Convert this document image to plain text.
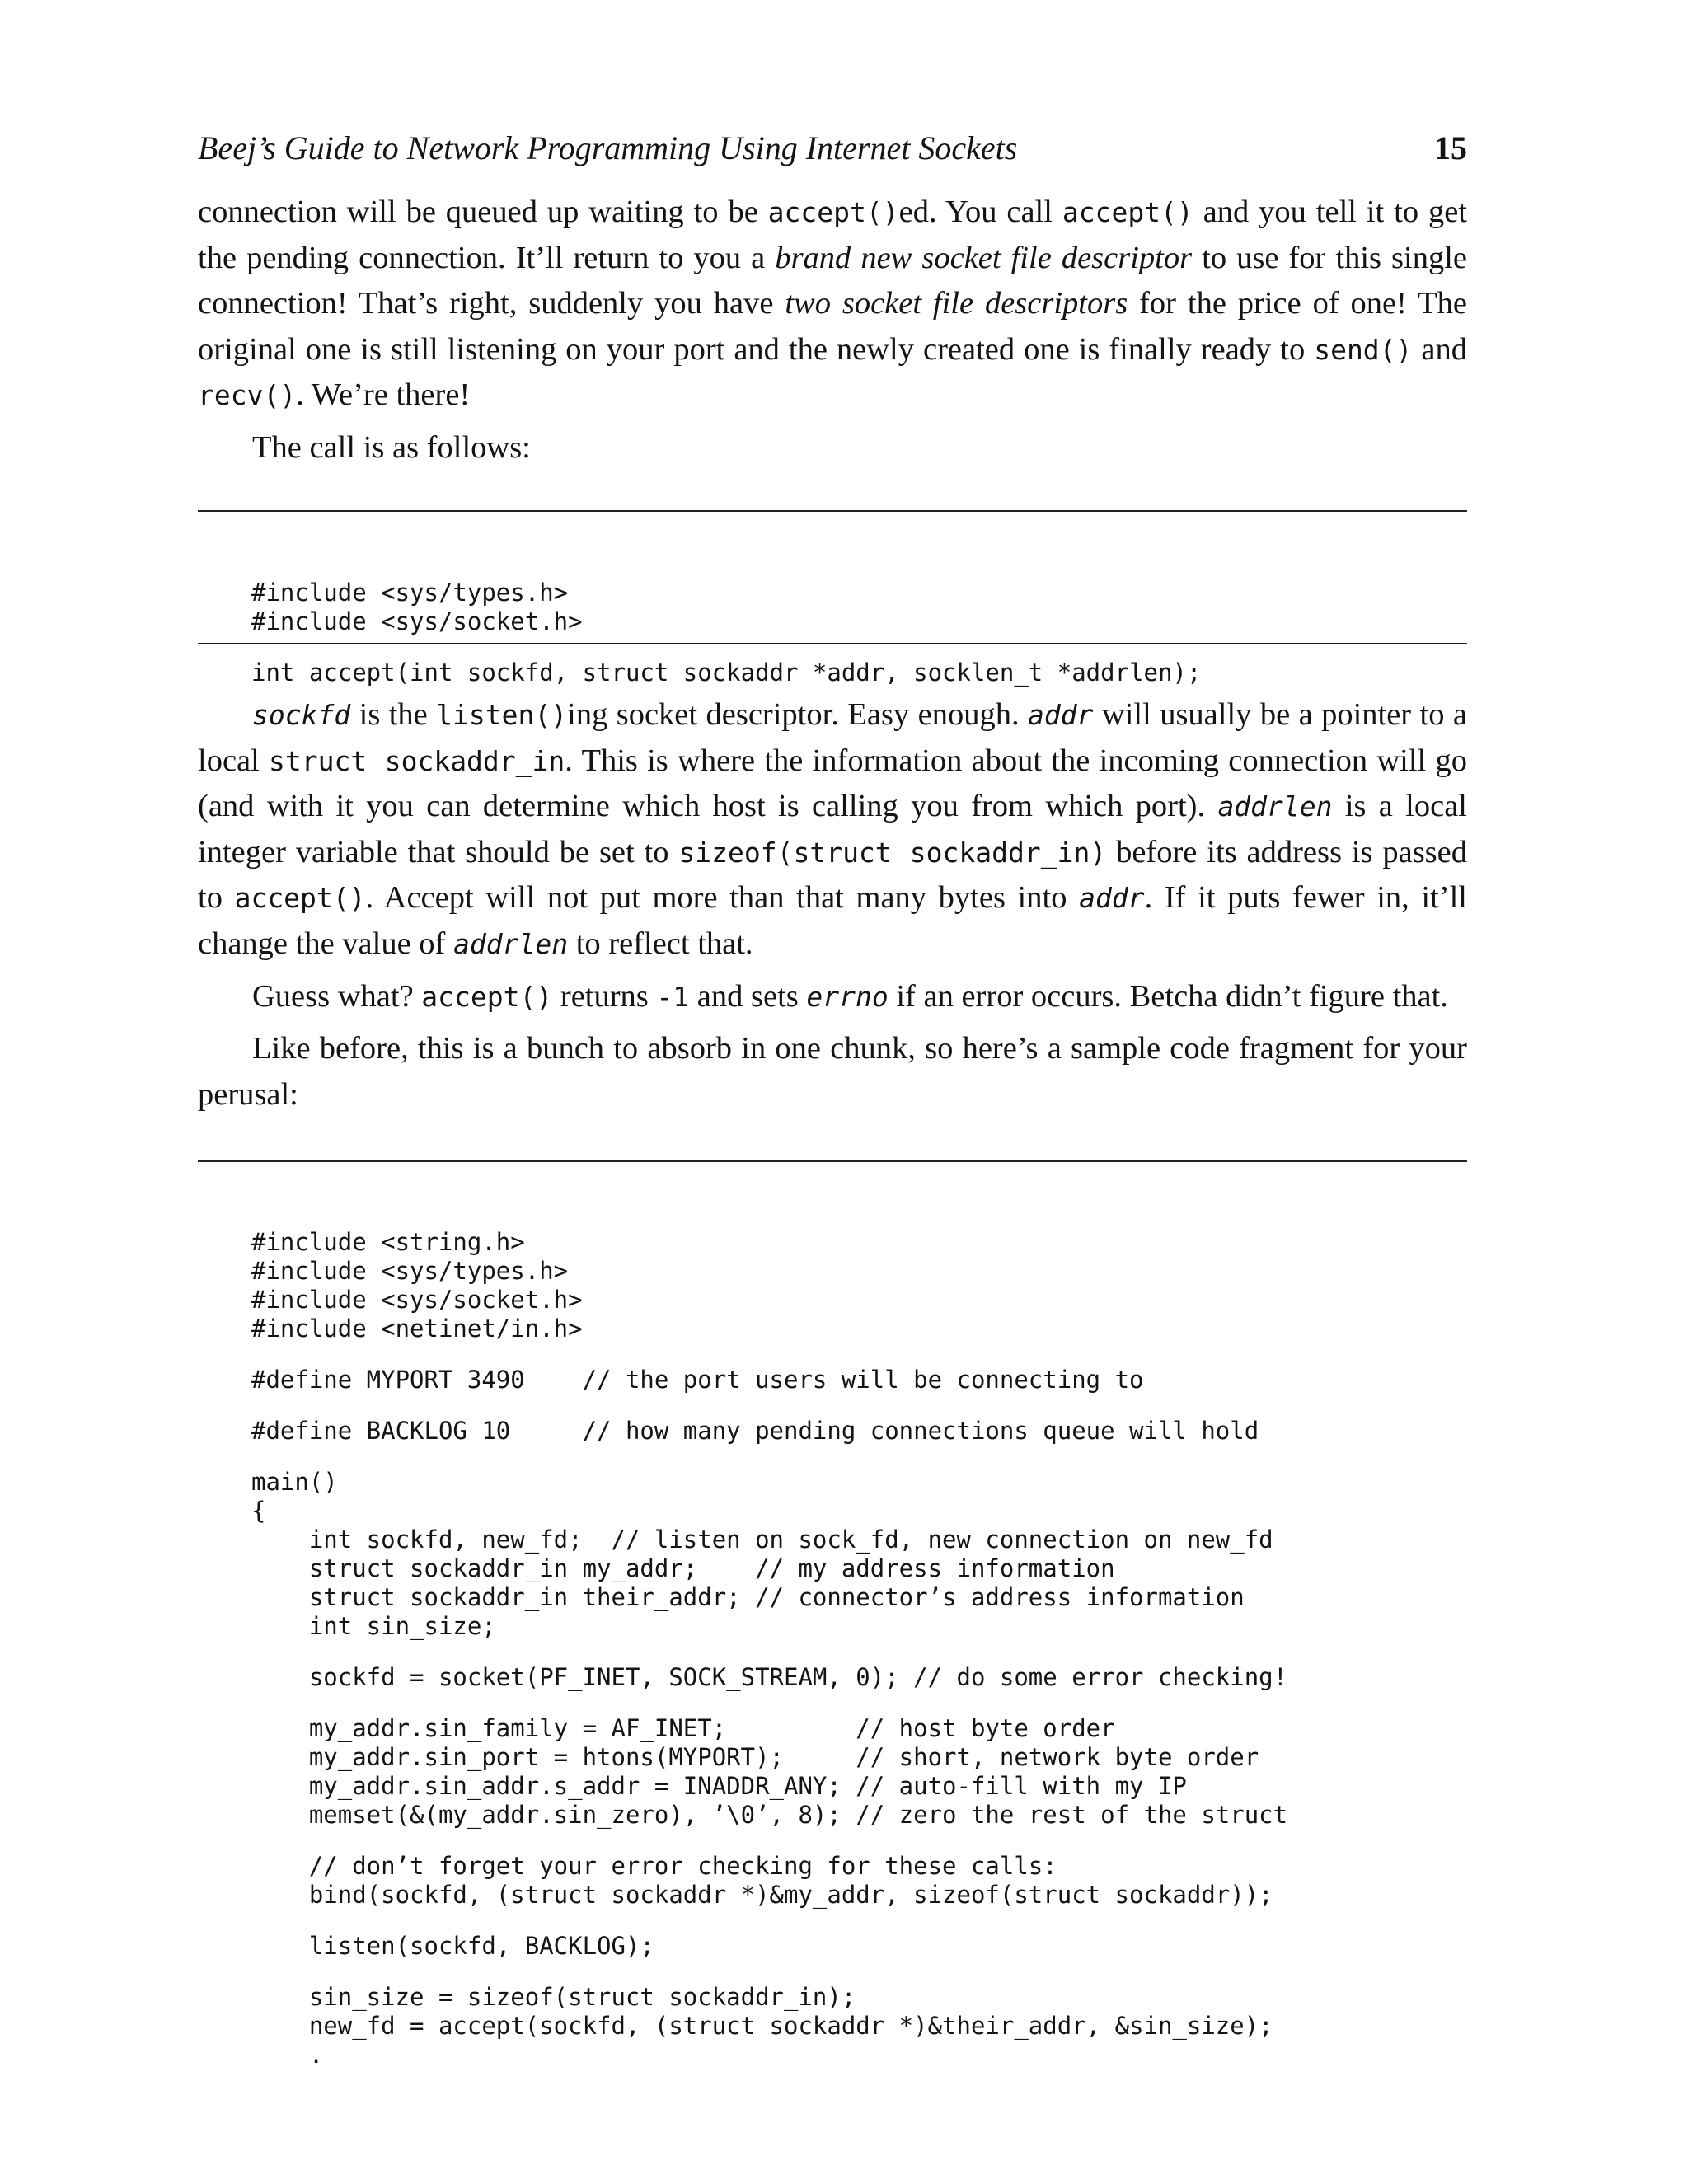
Beej’s Guide to Network Programming Using Internet Sockets	15

connection will be queued up waiting to be accept()ed. You call accept() and you tell it to get the pending connection. It’ll return to you a brand new socket file descriptor to use for this single connection! That’s right, suddenly you have two socket file descriptors for the price of one! The original one is still listening on your port and the newly created one is finally ready to send() and recv(). We’re there!

The call is as follows:

#include <sys/types.h>
#include <sys/socket.h>
int accept(int sockfd, struct sockaddr *addr, socklen_t *addrlen);

sockfd is the listen()ing socket descriptor. Easy enough. addr will usually be a pointer to a local struct sockaddr_in. This is where the information about the incoming connection will go (and with it you can determine which host is calling you from which port). addrlen is a local integer variable that should be set to sizeof(struct sockaddr_in) before its address is passed to accept(). Accept will not put more than that many bytes into addr. If it puts fewer in, it’ll change the value of addrlen to reflect that.

Guess what? accept() returns -1 and sets errno if an error occurs. Betcha didn’t figure that.

Like before, this is a bunch to absorb in one chunk, so here’s a sample code fragment for your perusal:

#include <string.h>
#include <sys/types.h>
#include <sys/socket.h>
#include <netinet/in.h>
#define MYPORT 3490    // the port users will be connecting to
#define BACKLOG 10     // how many pending connections queue will hold
main()
{
int sockfd, new_fd;  // listen on sock_fd, new connection on new_fd
struct sockaddr_in my_addr;    // my address information
struct sockaddr_in their_addr; // connector’s address information
int sin_size;
sockfd = socket(PF_INET, SOCK_STREAM, 0); // do some error checking!
my_addr.sin_family = AF_INET;         // host byte order
my_addr.sin_port = htons(MYPORT);     // short, network byte order
my_addr.sin_addr.s_addr = INADDR_ANY; // auto-fill with my IP
memset(&(my_addr.sin_zero), ’\0’, 8); // zero the rest of the struct
// don’t forget your error checking for these calls:
bind(sockfd, (struct sockaddr *)&my_addr, sizeof(struct sockaddr));
listen(sockfd, BACKLOG);
sin_size = sizeof(struct sockaddr_in);
new_fd = accept(sockfd, (struct sockaddr *)&their_addr, &sin_size);
.
